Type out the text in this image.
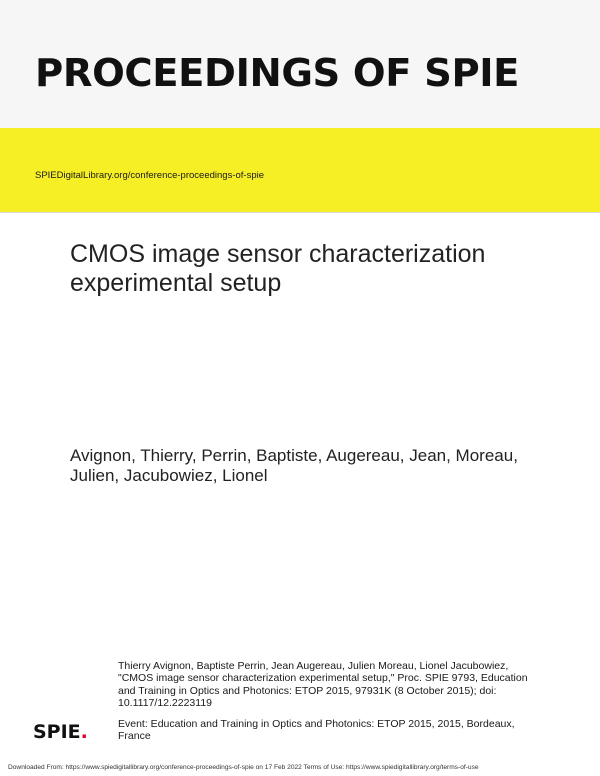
PROCEEDINGS OF SPIE
SPIEDigitalLibrary.org/conference-proceedings-of-spie
CMOS image sensor characterization experimental setup

Avignon, Thierry, Perrin, Baptiste, Augereau, Jean, Moreau, Julien, Jacubowiez, Lionel

Thierry Avignon, Baptiste Perrin, Jean Augereau, Julien Moreau, Lionel Jacubowiez, "CMOS image sensor characterization experimental setup," Proc. SPIE 9793, Education and Training in Optics and Photonics: ETOP 2015, 97931K (8 October 2015); doi: 10.1117/12.2223119

Event: Education and Training in Optics and Photonics: ETOP 2015, 2015, Bordeaux, France

SPIE.
Downloaded From: https://www.spiedigitallibrary.org/conference-proceedings-of-spie on 17 Feb 2022 Terms of Use: https://www.spiedigitallibrary.org/terms-of-use
